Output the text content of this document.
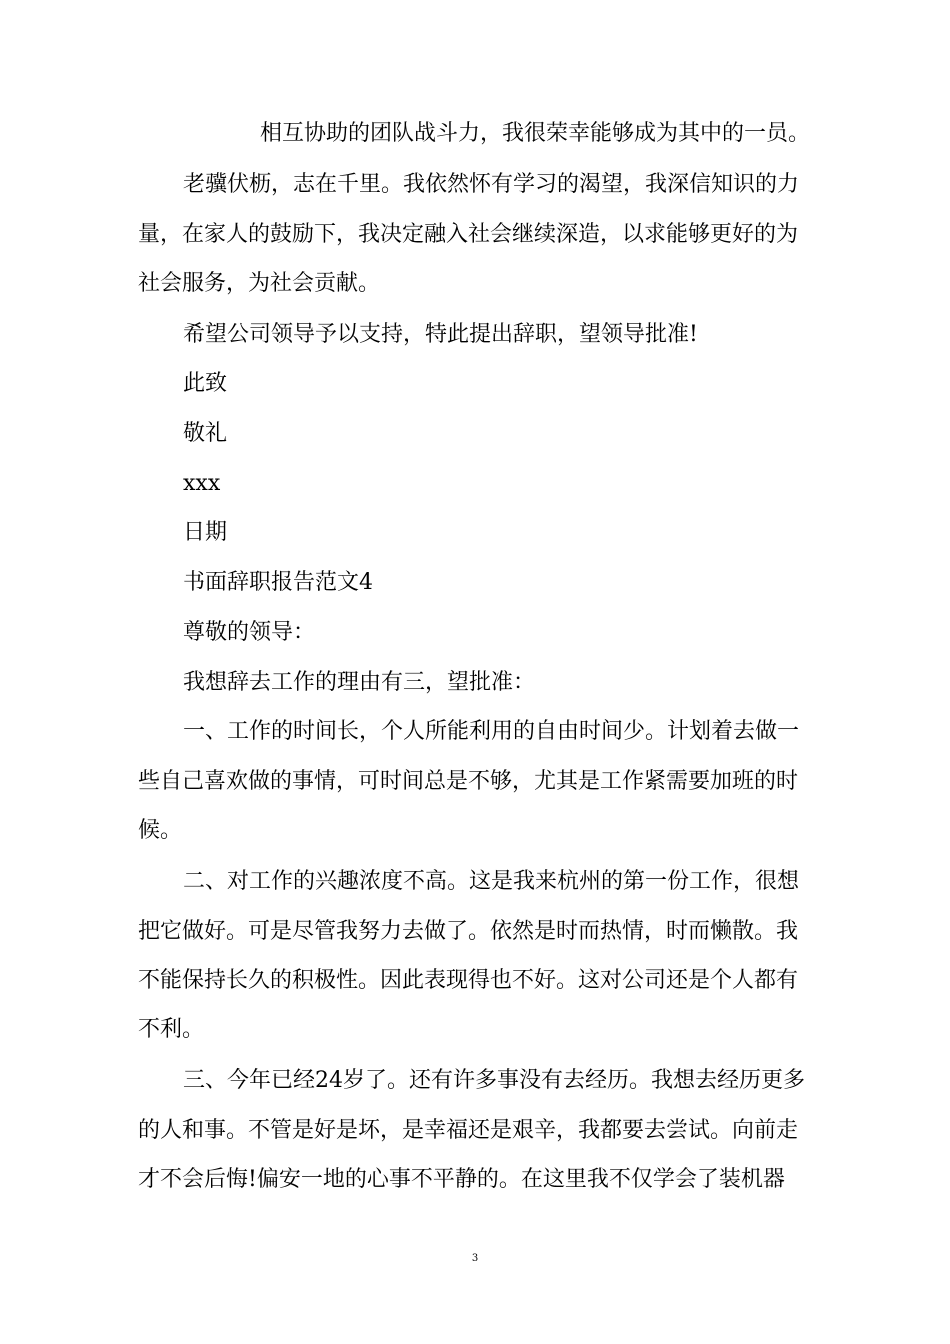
相互协助的团队战斗力，我很荣幸能够成为其中的一员。
老骥伏枥，志在千里。我依然怀有学习的渴望，我深信知识的力
量，在家人的鼓励下，我决定融入社会继续深造，以求能够更好的为
社会服务，为社会贡献。
希望公司领导予以支持，特此提出辞职，望领导批准!
此致
敬礼
xxx
日期
书面辞职报告范文4
尊敬的领导：
我想辞去工作的理由有三，望批准：
一、工作的时间长，个人所能利用的自由时间少。计划着去做一
些自己喜欢做的事情，可时间总是不够，尤其是工作紧需要加班的时
候。
二、对工作的兴趣浓度不高。这是我来杭州的第一份工作，很想
把它做好。可是尽管我努力去做了。依然是时而热情，时而懒散。我
不能保持长久的积极性。因此表现得也不好。这对公司还是个人都有
不利。
三、今年已经24岁了。还有许多事没有去经历。我想去经历更多
的人和事。不管是好是坏，是幸福还是艰辛，我都要去尝试。向前走
才不会后悔!偏安一地的心事不平静的。在这里我不仅学会了装机器
3
